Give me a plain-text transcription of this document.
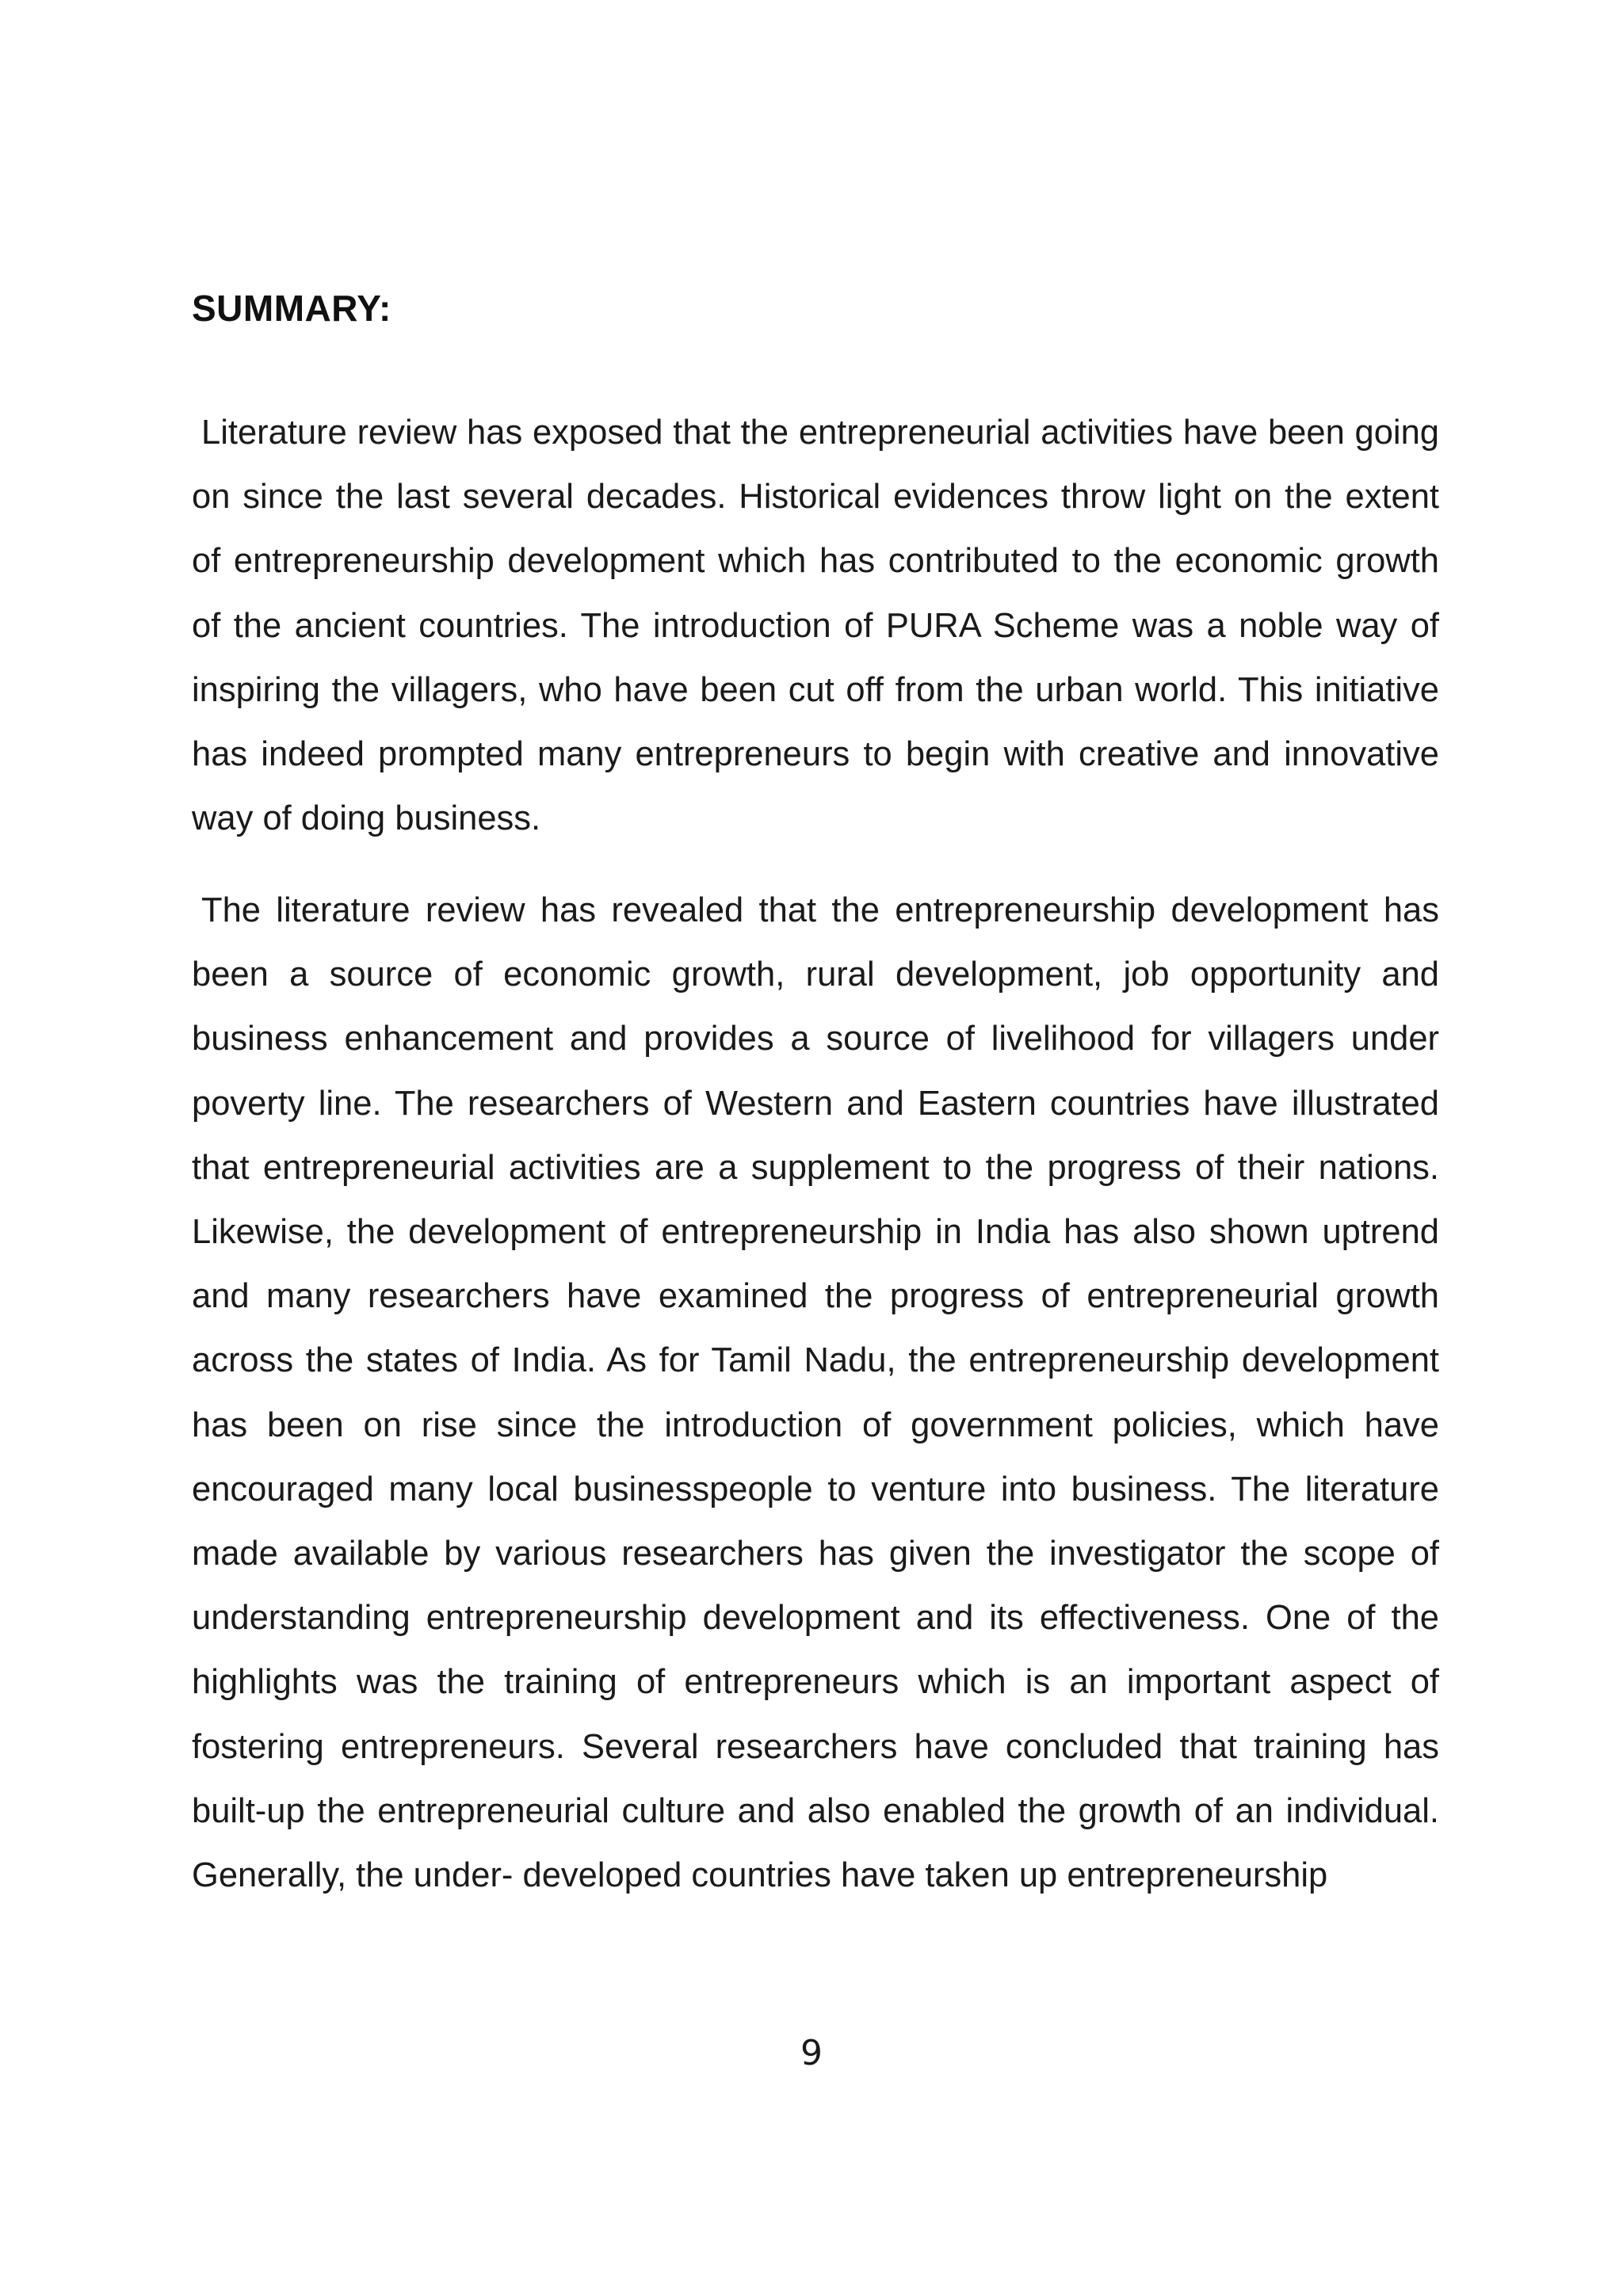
SUMMARY:

Literature review has exposed that the entrepreneurial activities have been going on since the last several decades. Historical evidences throw light on the extent of entrepreneurship development which has contributed to the economic growth of the ancient countries. The introduction of PURA Scheme was a noble way of inspiring the villagers, who have been cut off from the urban world. This initiative has indeed prompted many entrepreneurs to begin with creative and innovative way of doing business.

The literature review has revealed that the entrepreneurship development has been a source of economic growth, rural development, job opportunity and business enhancement and provides a source of livelihood for villagers under poverty line. The researchers of Western and Eastern countries have illustrated that entrepreneurial activities are a supplement to the progress of their nations. Likewise, the development of entrepreneurship in India has also shown uptrend and many researchers have examined the progress of entrepreneurial growth across the states of India. As for Tamil Nadu, the entrepreneurship development has been on rise since the introduction of government policies, which have encouraged many local businesspeople to venture into business. The literature made available by various researchers has given the investigator the scope of understanding entrepreneurship development and its effectiveness. One of the highlights was the training of entrepreneurs which is an important aspect of fostering entrepreneurs. Several researchers have concluded that training has built-up the entrepreneurial culture and also enabled the growth of an individual. Generally, the under- developed countries have taken up entrepreneurship

9
